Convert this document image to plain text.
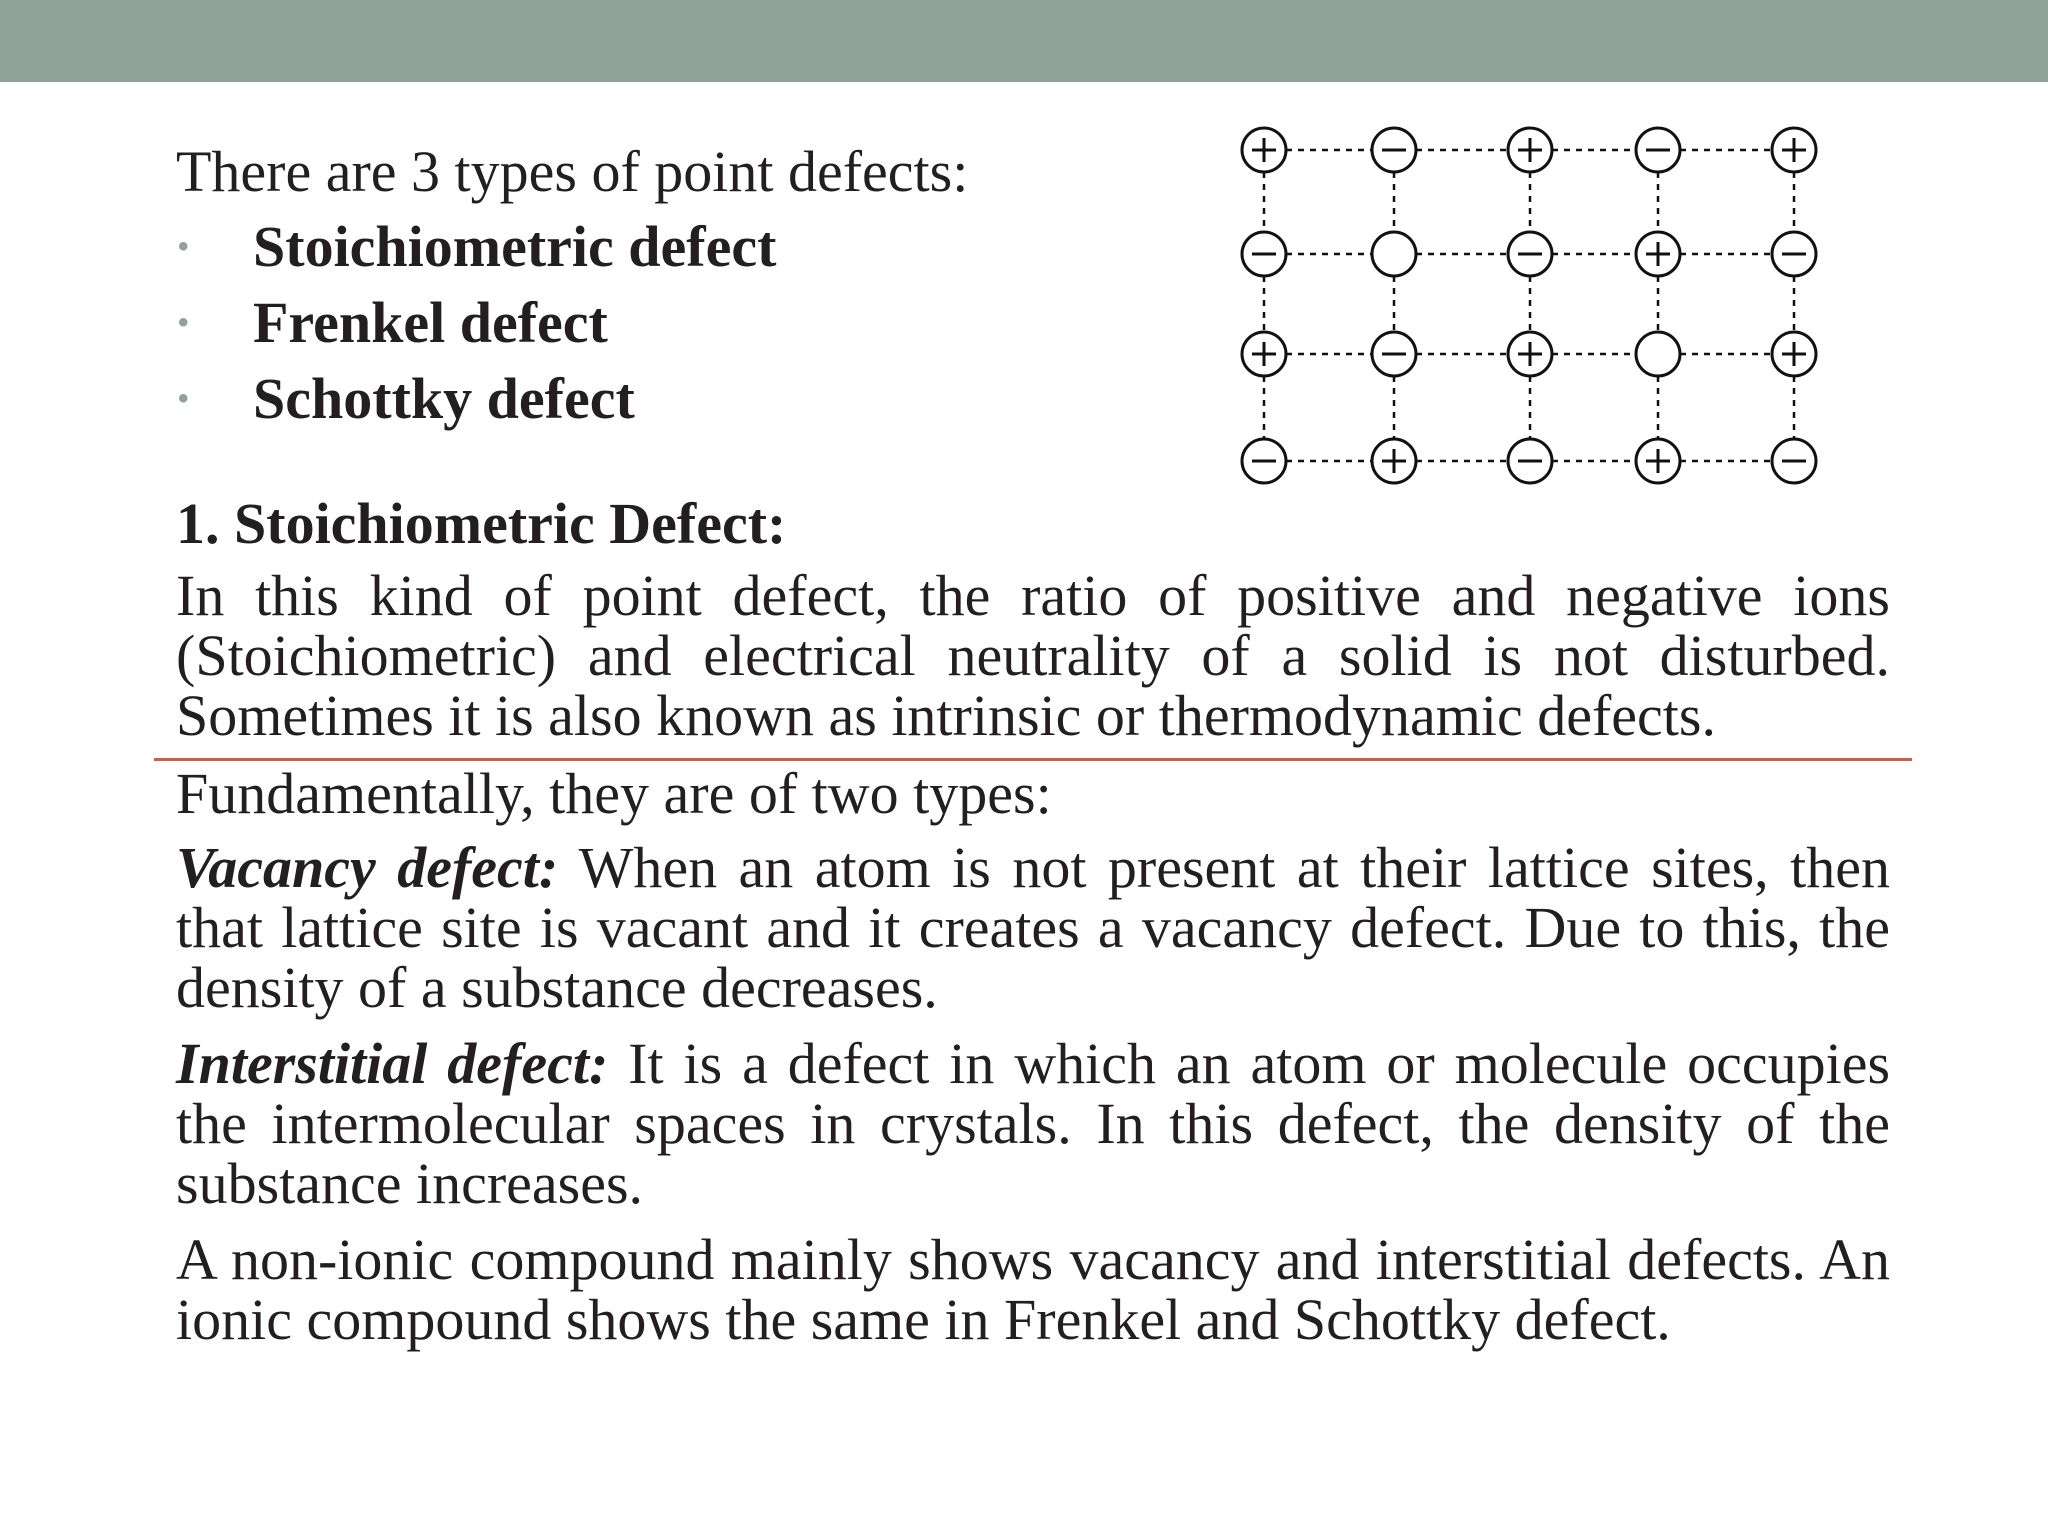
There are 3 types of point defects:
• Stoichiometric defect
• Frenkel defect
• Schottky defect
1. Stoichiometric Defect:

In this kind of point defect, the ratio of positive and negative ions (Stoichiometric) and electrical neutrality of a solid is not disturbed. Sometimes it is also known as intrinsic or thermodynamic defects.

Fundamentally, they are of two types:

Vacancy defect: When an atom is not present at their lattice sites, then that lattice site is vacant and it creates a vacancy defect. Due to this, the density of a substance decreases.

Interstitial defect: It is a defect in which an atom or molecule occupies the intermolecular spaces in crystals. In this defect, the density of the substance increases.

A non-ionic compound mainly shows vacancy and interstitial defects. An ionic compound shows the same in Frenkel and Schottky defect.
